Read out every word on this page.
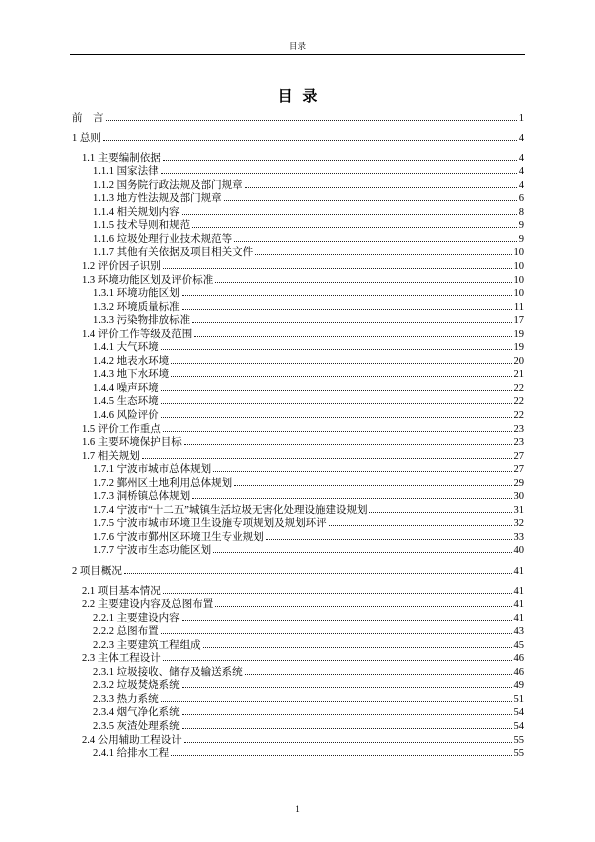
目录
目 录
前　言	1
1 总则	4
1.1 主要编制依据	4
1.1.1 国家法律	4
1.1.2 国务院行政法规及部门规章	4
1.1.3 地方性法规及部门规章	6
1.1.4 相关规划内容	8
1.1.5 技术导则和规范	9
1.1.6 垃圾处理行业技术规范等	9
1.1.7 其他有关依据及项目相关文件	10
1.2 评价因子识别	10
1.3 环境功能区划及评价标准	10
1.3.1 环境功能区划	10
1.3.2 环境质量标准	11
1.3.3 污染物排放标准	17
1.4 评价工作等级及范围	19
1.4.1 大气环境	19
1.4.2 地表水环境	20
1.4.3 地下水环境	21
1.4.4 噪声环境	22
1.4.5 生态环境	22
1.4.6 风险评价	22
1.5 评价工作重点	23
1.6 主要环境保护目标	23
1.7 相关规划	27
1.7.1 宁波市城市总体规划	27
1.7.2 鄞州区土地利用总体规划	29
1.7.3 洞桥镇总体规划	30
1.7.4 宁波市“十二五”城镇生活垃圾无害化处理设施建设规划	31
1.7.5 宁波市城市环境卫生设施专项规划及规划环评	32
1.7.6 宁波市鄞州区环境卫生专业规划	33
1.7.7 宁波市生态功能区划	40
2 项目概况	41
2.1 项目基本情况	41
2.2 主要建设内容及总图布置	41
2.2.1 主要建设内容	41
2.2.2 总图布置	43
2.2.3 主要建筑工程组成	45
2.3 主体工程设计	46
2.3.1 垃圾接收、储存及输送系统	46
2.3.2 垃圾焚烧系统	49
2.3.3 热力系统	51
2.3.4 烟气净化系统	54
2.3.5 灰渣处理系统	54
2.4 公用辅助工程设计	55
2.4.1 给排水工程	55
1
